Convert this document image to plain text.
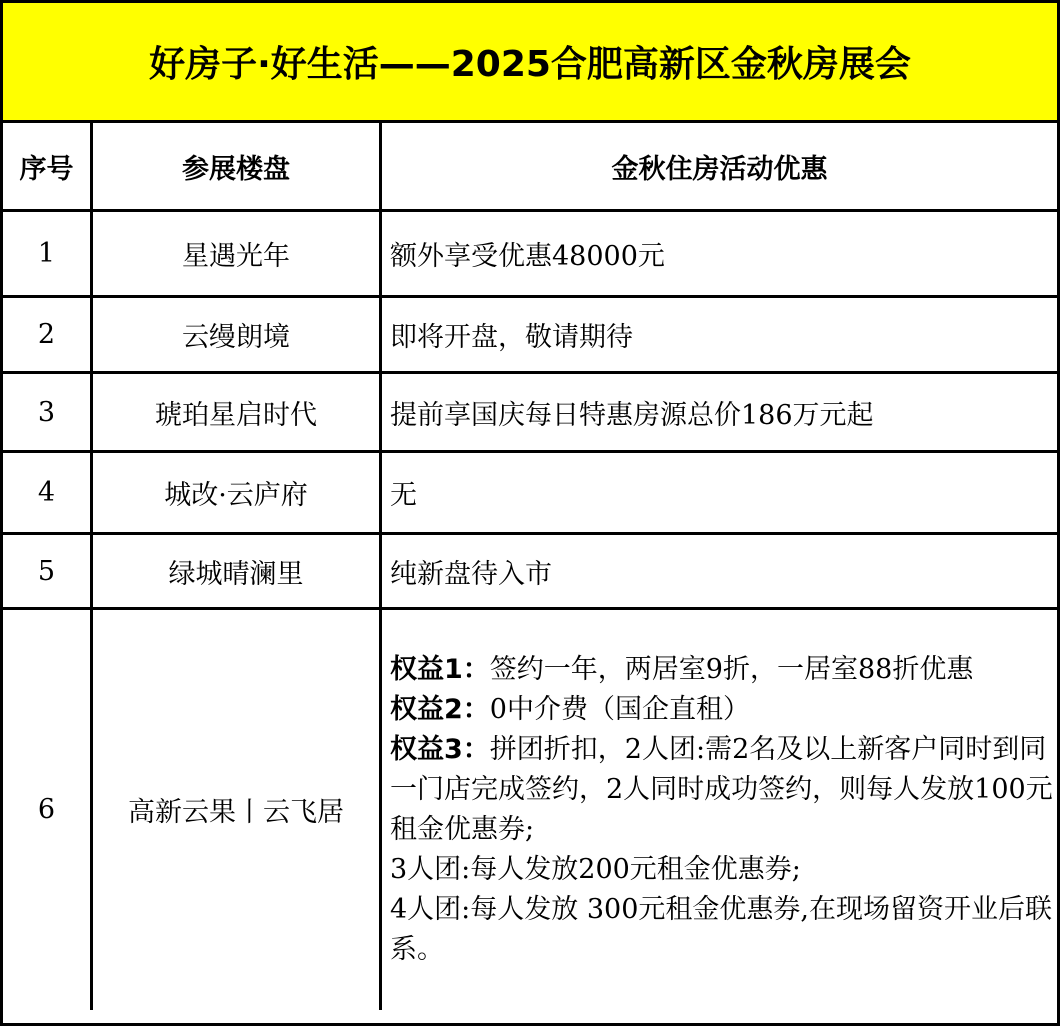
好房子·好生活——2025合肥高新区金秋房展会
序号	参展楼盘	金秋住房活动优惠
1	星遇光年	额外享受优惠48000元
2	云缦朗境	即将开盘，敬请期待
3	琥珀星启时代	提前享国庆每日特惠房源总价186万元起
4	城改·云庐府	无
5	绿城晴澜里	纯新盘待入市
6	高新云果丨云飞居	权益1：签约一年，两居室9折，一居室88折优惠
权益2：0中介费（国企直租）
权益3：拼团折扣，2人团:需2名及以上新客户同时到同一门店完成签约，2人同时成功签约，则每人发放100元租金优惠券;
3人团:每人发放200元租金优惠券;
4人团:每人发放 300元租金优惠券,在现场留资开业后联系。
